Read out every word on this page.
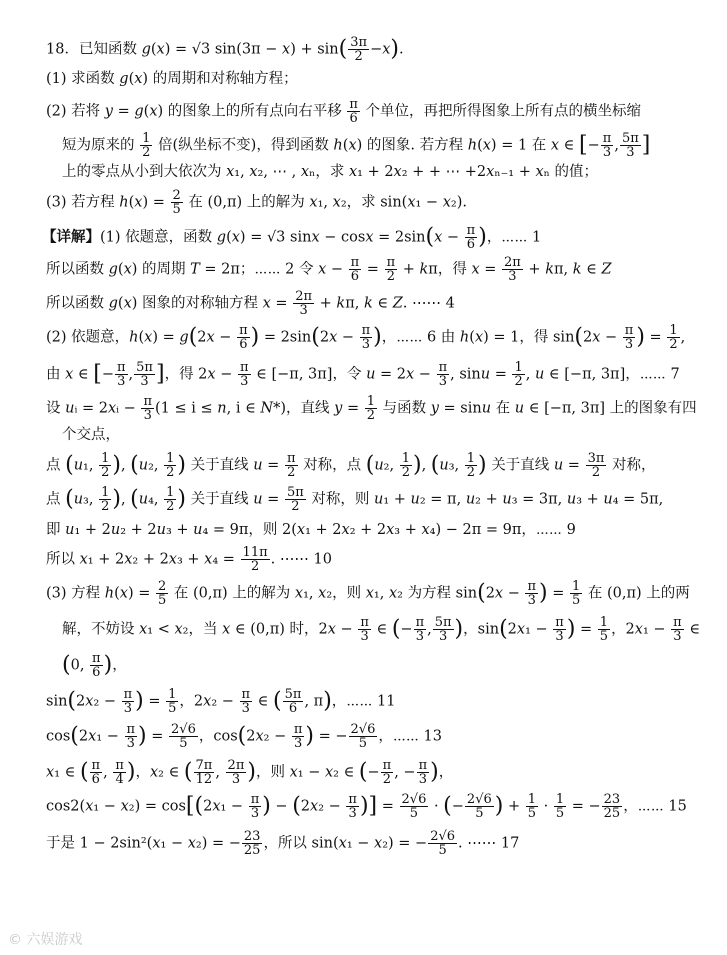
18．已知函数 g(x) = √3 $\sin(3\pi - x) + \sin( \frac{3\pi}{2} -x)$.
(1) 求函数 g(x) 的周期和对称轴方程；
(2) 若将 y = g(x) 的图象上的所有点向右平移 $\frac{\pi}{6}$ 个单位，再把所得图象上所有点的横坐标缩
短为原来的 $\frac{1}{2}$ 倍(纵坐标不变)，得到函数 h(x) 的图象. 若方程 h(x) = 1 在 x ∈ [− $\frac{\pi}{3}$ , $\frac{5\pi}{3}$ ]
上的零点从小到大依次为 x₁, x₂, ⋯ , xₙ，求 x₁ + 2x₂ + + ⋯ +2xₙ₋₁ + xₙ 的值；
(3) 若方程 $h(x) = \frac{2}{5}$ 在 (0,π) 上的解为 x₁, x₂，求 sin(x₁ − x₂).
【详解】(1) 依题意，函数 g(x) = √3 $\sin x - \cos x = 2\sin(x - \frac{\pi}{6}$ )，⋯⋯ 1
所以函数 g(x) 的周期 T = 2π；⋯⋯ 2 令 $x - \frac{\pi}{6} = \frac{\pi}{2} + k\pi$，得 $x = \frac{2\pi}{3} + k\pi$, k ∈ Z
所以函数 g(x) 图象的对称轴方程 $x = \frac{2\pi}{3} + k\pi$, k ∈ Z. ⋯⋯ 4
(2) 依题意，$h(x) = g(2x - \frac{\pi}{6}$ ) = $2\sin(2x - \frac{\pi}{3}$ )，⋯⋯ 6 由 h(x) = 1，得 $\sin(2x - \frac{\pi}{3}$ ) = $\frac{1}{2}$ ,
由 x ∈ [− $\frac{\pi}{3}$ , $\frac{5\pi}{3}$ ]，得 $2x - \frac{\pi}{3}$ ∈ [−π, 3π]，令 $u = 2x - \frac{\pi}{3}$ , $\sin u = \frac{1}{2}$ , u ∈ [−π, 3π]，⋯⋯ 7
设 uᵢ = 2xᵢ − $\frac{\pi}{3} (1 \le i \le n$, i ∈ N*)，直线 $y = \frac{1}{2}$ 与函数 y = sinu 在 u ∈ [−π, 3π] 上的图象有四
个交点，
点 (u₁, $\frac{1}{2}$ ), (u₂, $\frac{1}{2}$ ) 关于直线 $u = \frac{\pi}{2}$ 对称，点 (u₂, $\frac{1}{2}$ ), (u₃, $\frac{1}{2}$ ) 关于直线 $u = \frac{3\pi}{2}$ 对称，
点 (u₃, $\frac{1}{2}$ ), (u₄, $\frac{1}{2}$ ) 关于直线 $u = \frac{5\pi}{2}$ 对称，则 u₁ + u₂ = π, u₂ + u₃ = 3π, u₃ + u₄ = 5π,
即 u₁ + 2u₂ + 2u₃ + u₄ = 9π，则 2(x₁ + 2x₂ + 2x₃ + x₄) − 2π = 9π，⋯⋯ 9
所以 $x_1 + 2x_2 + 2x_3 + x_4 = \frac{11\pi}{2}$ . ⋯⋯ 10
(3) 方程 $h(x) = \frac{2}{5}$ 在 (0,π) 上的解为 x₁, x₂，则 x₁, x₂ 为方程 $\sin(2x - \frac{\pi}{3}$ ) = $\frac{1}{5}$ 在 (0,π) 上的两
解，不妨设 x₁ < x₂，当 x ∈ (0,π) 时，$2x - \frac{\pi}{3}$ ∈ (− $\frac{\pi}{3}$ , $\frac{5\pi}{3}$ )，$\sin(2x_1 - \frac{\pi}{3}$ ) = $\frac{1}{5}$ ，$2x_1 - \frac{\pi}{3}$ ∈
(0, $\frac{\pi}{6}$ )，
$\sin(2x_2 - \frac{\pi}{3}$ ) = $\frac{1}{5}$ ，$2x_2 - \frac{\pi}{3}$ ∈ ( $\frac{5\pi}{6}$ , π)，⋯⋯ 11
$\cos(2x_1 - \frac{\pi}{3}$ ) = $\frac{2√6}{5}$ ，$\cos(2x_2 - \frac{\pi}{3}$ ) = − $\frac{2√6}{5}$ ，⋯⋯ 13
x₁ ∈ ( $\frac{\pi}{6}$ , $\frac{\pi}{4}$ )，x₂ ∈ ( $\frac{7\pi}{12}$ , $\frac{2\pi}{3}$ )，则 x₁ − x₂ ∈ (− $\frac{\pi}{2}$ , − $\frac{\pi}{3}$ )，
$\cos 2(x_1 - x_2) = \cos[(2x_1 - \frac{\pi}{3}$ ) − ($2x_2 - \frac{\pi}{3}$ )] = $\frac{2√6}{5}$ · (− $\frac{2√6}{5}$ ) + $\frac{1}{5} \cdot \frac{1}{5}$ = − $\frac{23}{25}$ ，⋯⋯ 15
于是 1 − 2sin²(x₁ − x₂) = − $\frac{23}{25}$ ，所以 sin(x₁ − x₂) = − $\frac{2√6}{5}$ . ⋯⋯ 17
© 六娱游戏
